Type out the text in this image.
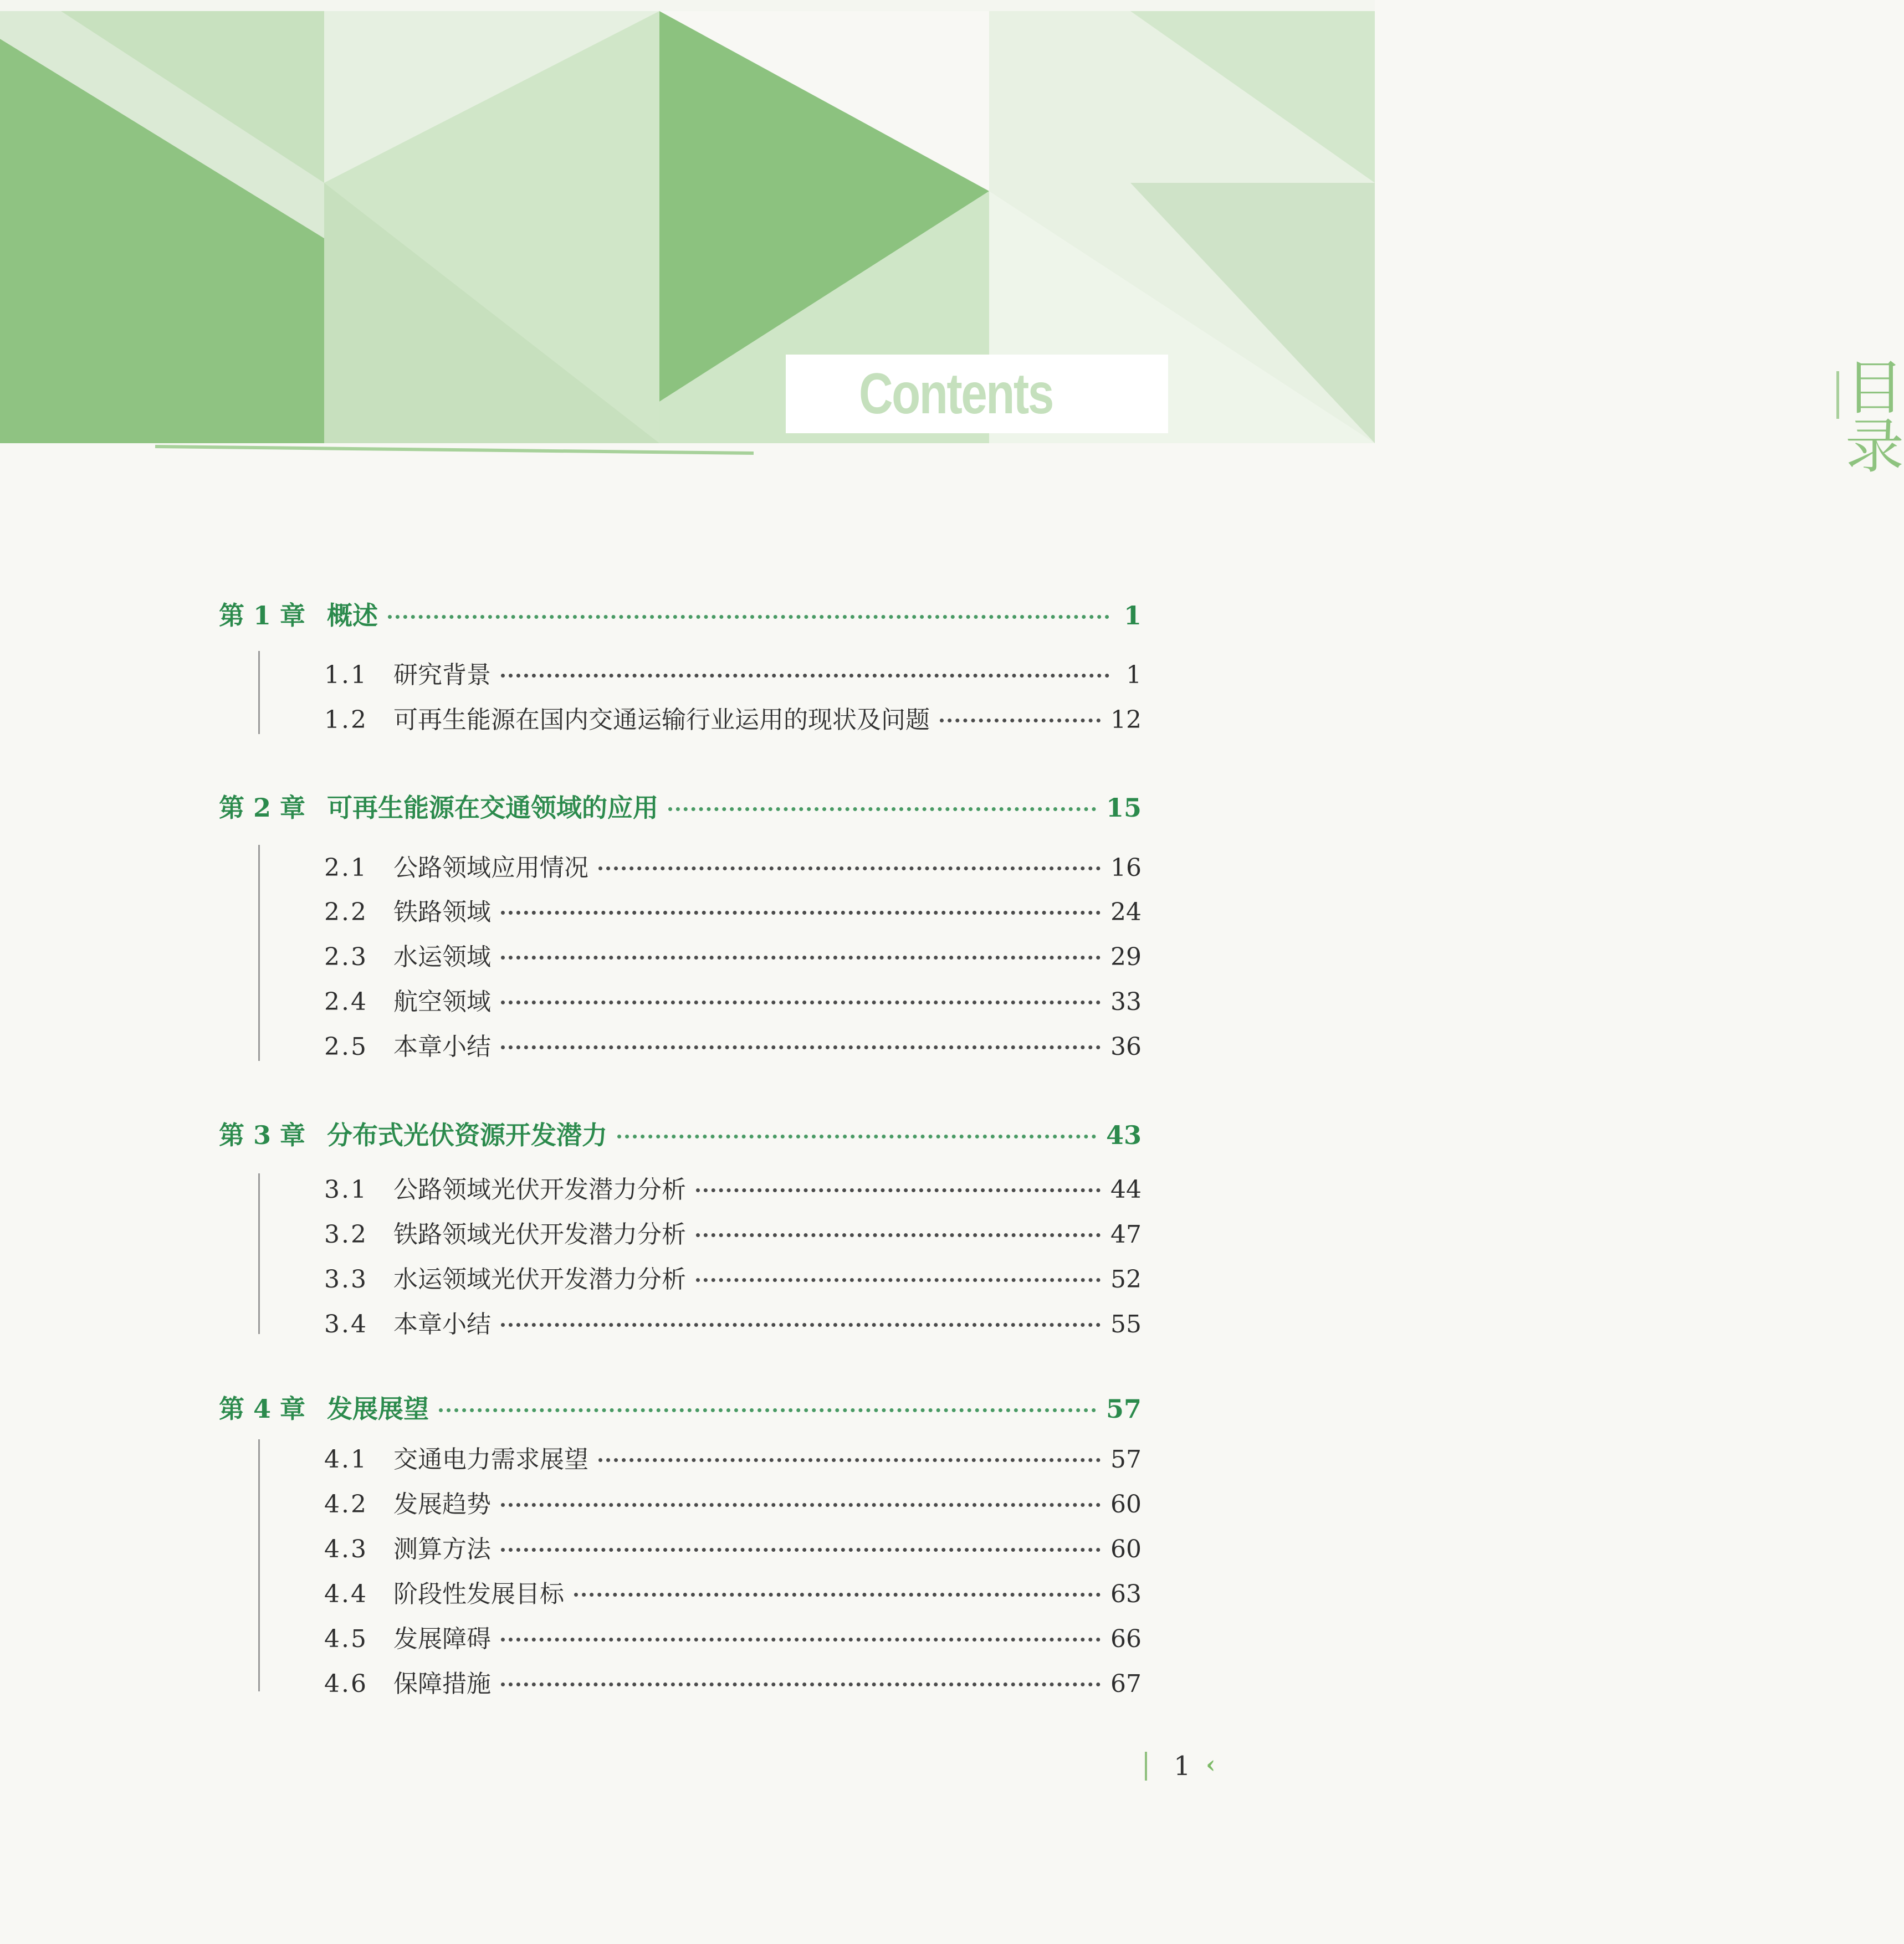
Contents	目录
第 1 章 概述	1
1.1	研究背景	1
1.2	可再生能源在国内交通运输行业运用的现状及问题	12
第 2 章 可再生能源在交通领域的应用	15
2.1	公路领域应用情况	16
2.2	铁路领域	24
2.3	水运领域	29
2.4	航空领域	33
2.5	本章小结	36
第 3 章 分布式光伏资源开发潜力	43
3.1	公路领域光伏开发潜力分析	44
3.2	铁路领域光伏开发潜力分析	47
3.3	水运领域光伏开发潜力分析	52
3.4	本章小结	55
第 4 章 发展展望	57
4.1	交通电力需求展望	57
4.2	发展趋势	60
4.3	测算方法	60
4.4	阶段性发展目标	63
4.5	发展障碍	66
4.6	保障措施	67
1 ‹
